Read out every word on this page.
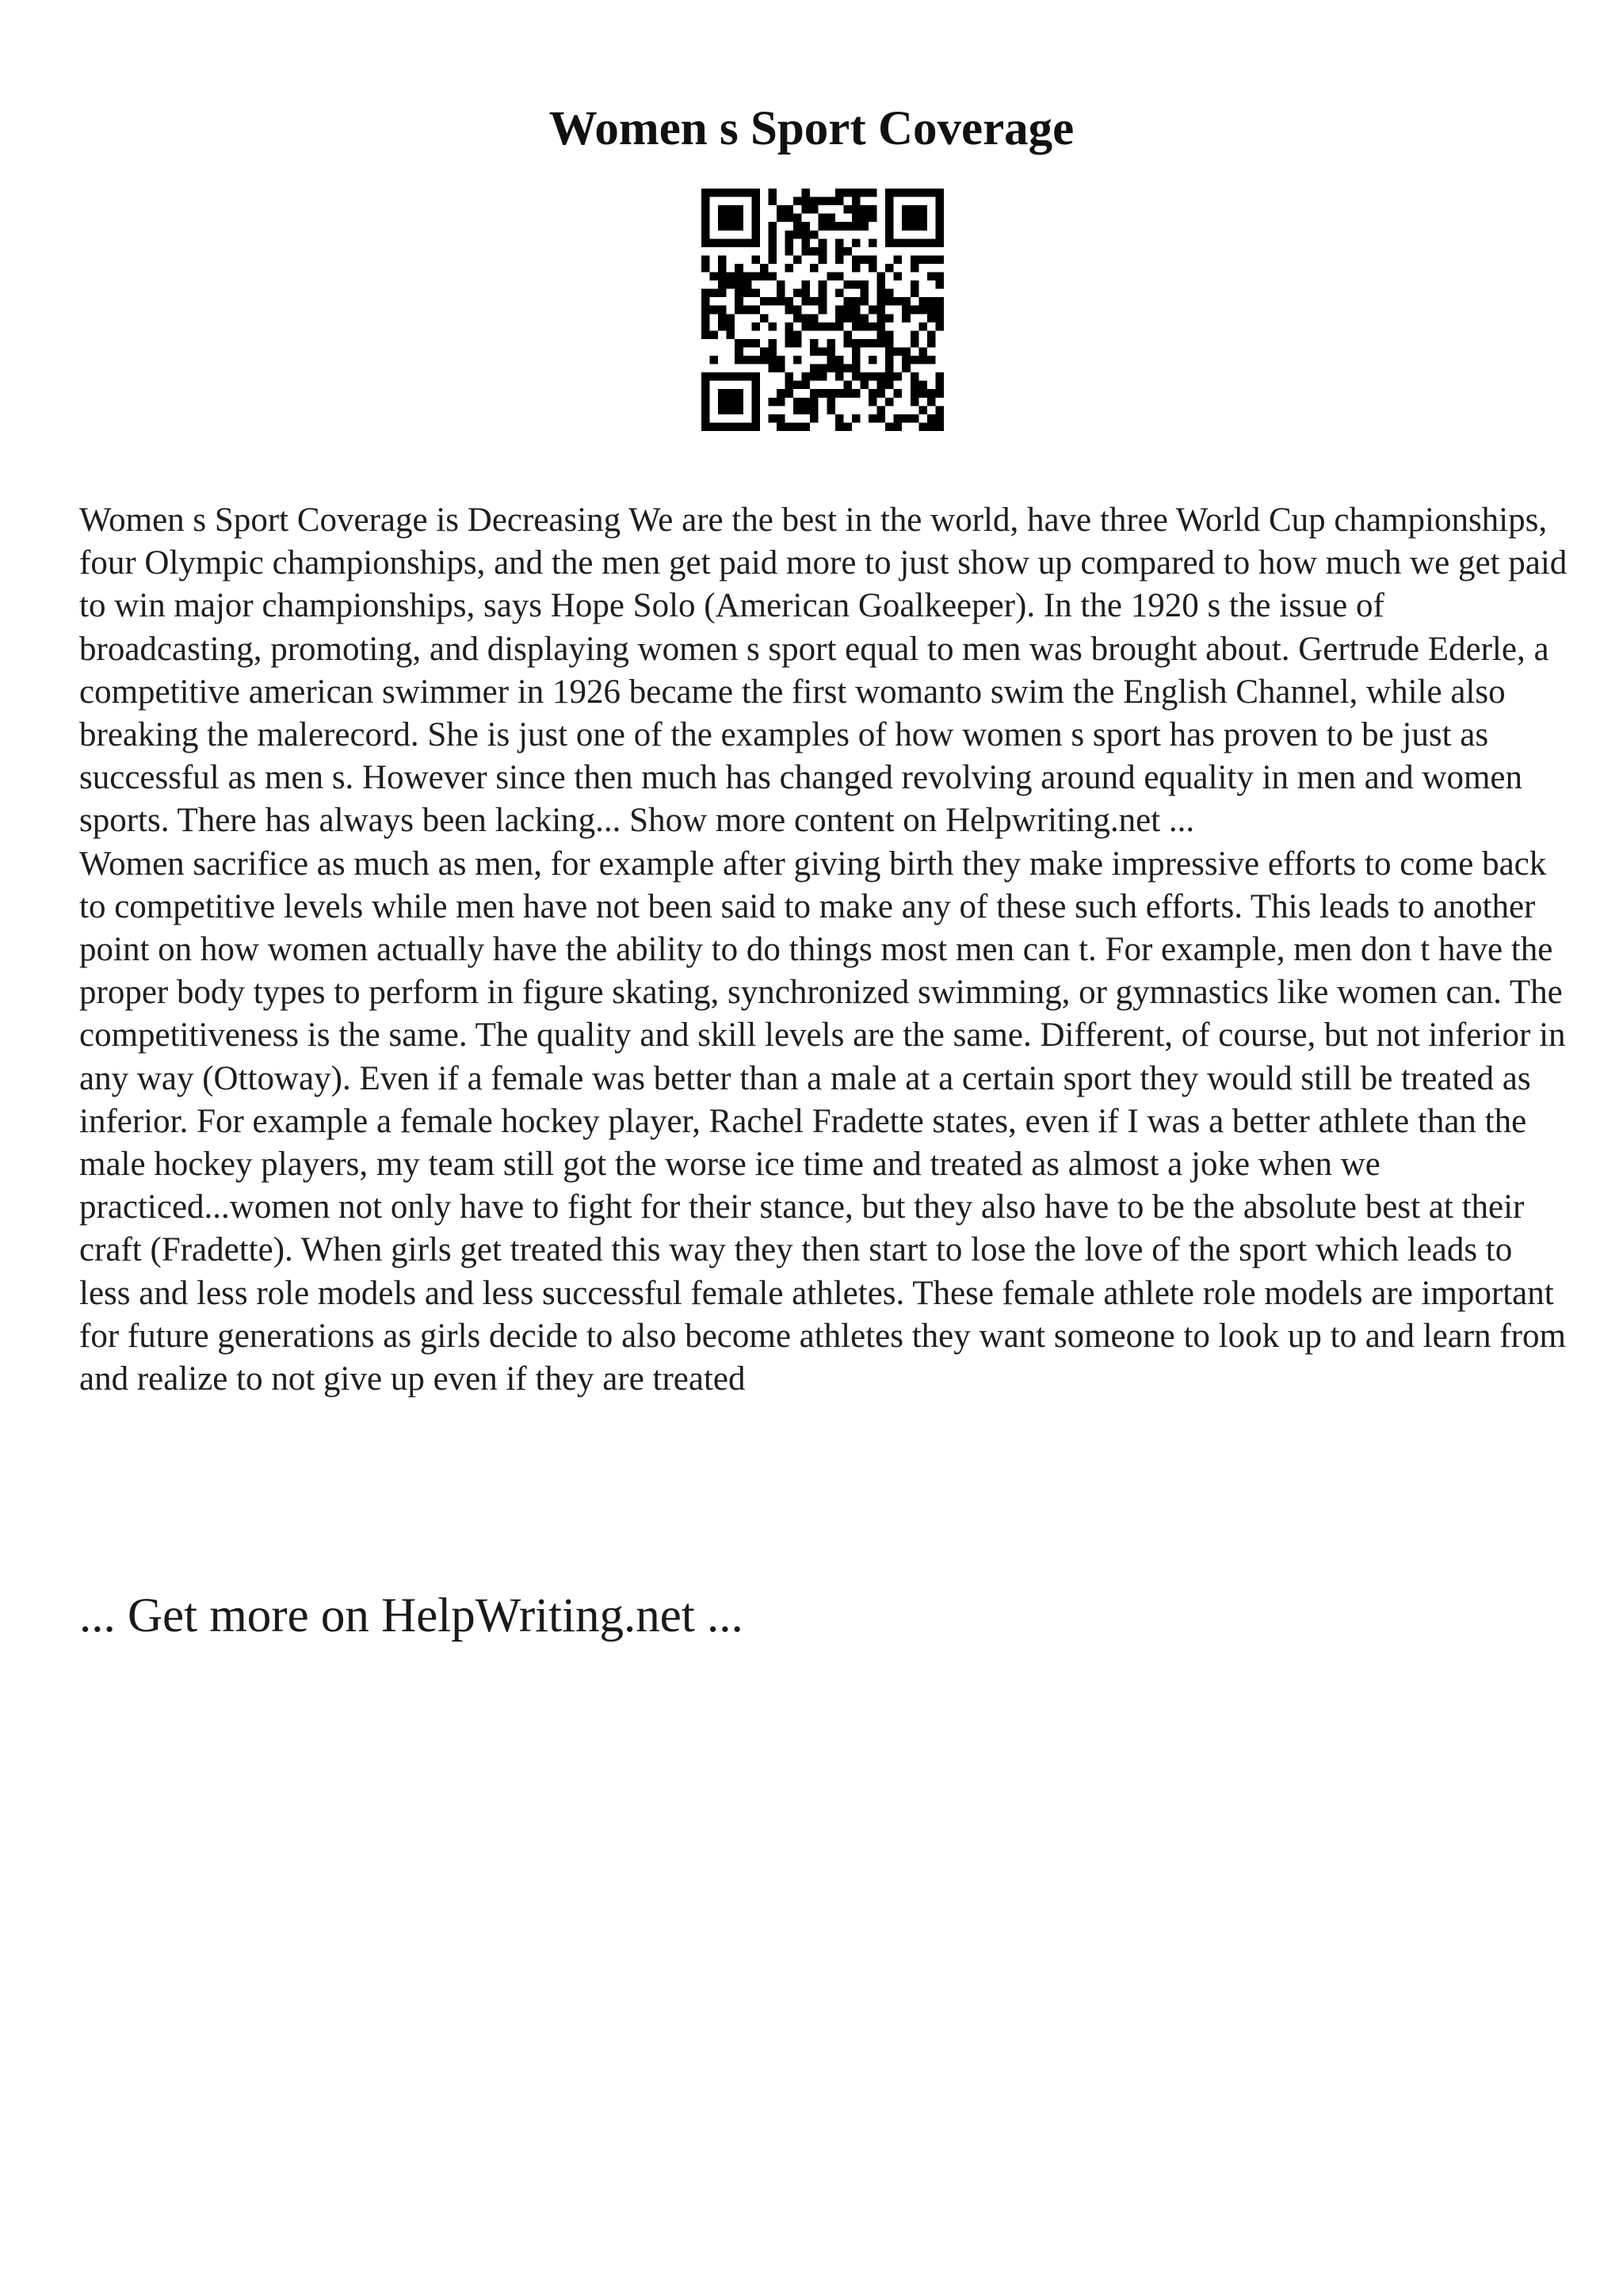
Women s Sport Coverage

Women s Sport Coverage is Decreasing We are the best in the world, have three World Cup championships, four Olympic championships, and the men get paid more to just show up compared to how much we get paid to win major championships, says Hope Solo (American Goalkeeper). In the 1920 s the issue of broadcasting, promoting, and displaying women s sport equal to men was brought about. Gertrude Ederle, a competitive american swimmer in 1926 became the first womanto swim the English Channel, while also breaking the malerecord. She is just one of the examples of how women s sport has proven to be just as successful as men s. However since then much has changed revolving around equality in men and women sports. There has always been lacking... Show more content on Helpwriting.net ...

Women sacrifice as much as men, for example after giving birth they make impressive efforts to come back to competitive levels while men have not been said to make any of these such efforts. This leads to another point on how women actually have the ability to do things most men can t. For example, men don t have the proper body types to perform in figure skating, synchronized swimming, or gymnastics like women can. The competitiveness is the same. The quality and skill levels are the same. Different, of course, but not inferior in any way (Ottoway). Even if a female was better than a male at a certain sport they would still be treated as inferior. For example a female hockey player, Rachel Fradette states, even if I was a better athlete than the male hockey players, my team still got the worse ice time and treated as almost a joke when we practiced...women not only have to fight for their stance, but they also have to be the absolute best at their craft (Fradette). When girls get treated this way they then start to lose the love of the sport which leads to less and less role models and less successful female athletes. These female athlete role models are important for future generations as girls decide to also become athletes they want someone to look up to and learn from and realize to not give up even if they are treated

... Get more on HelpWriting.net ...
